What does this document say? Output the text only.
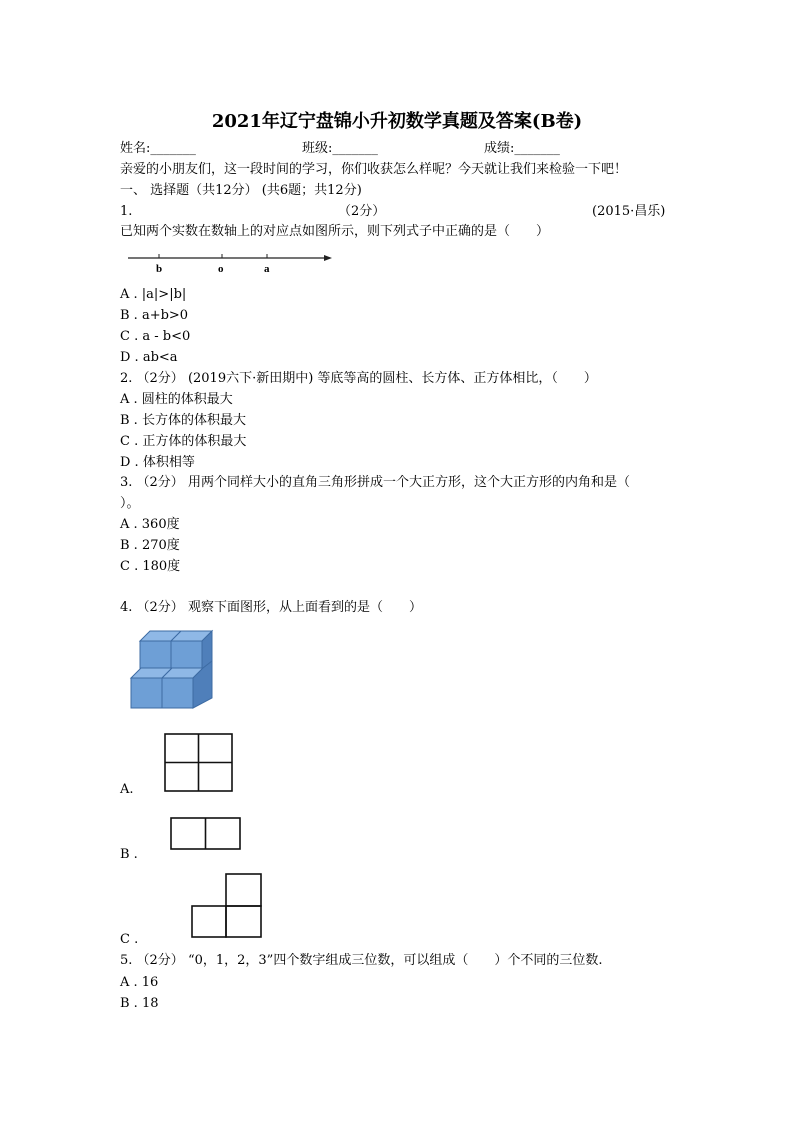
2021年辽宁盘锦小升初数学真题及答案(B卷)
姓名:_______	班级:_______	成绩:_______
亲爱的小朋友们，这一段时间的学习，你们收获怎么样呢？今天就让我们来检验一下吧！
一、 选择题（共12分） (共6题；共12分)
1.	（2分）	(2015·昌乐)
已知两个实数在数轴上的对应点如图所示，则下列式子中正确的是（　　）
b	o	a
A . |a|>|b|
B . a+b>0
C . a - b<0
D . ab<a
2. （2分） (2019六下·新田期中) 等底等高的圆柱、长方体、正方体相比，（　　）
A . 圆柱的体积最大
B . 长方体的体积最大
C . 正方体的体积最大
D . 体积相等
3. （2分） 用两个同样大小的直角三角形拼成一个大正方形，这个大正方形的内角和是（
）。
A . 360度
B . 270度
C . 180度
4. （2分） 观察下面图形，从上面看到的是（　　）
A.
B .
C .
5. （2分） “0，1，2，3”四个数字组成三位数，可以组成（　　）个不同的三位数.
A . 16
B . 18
